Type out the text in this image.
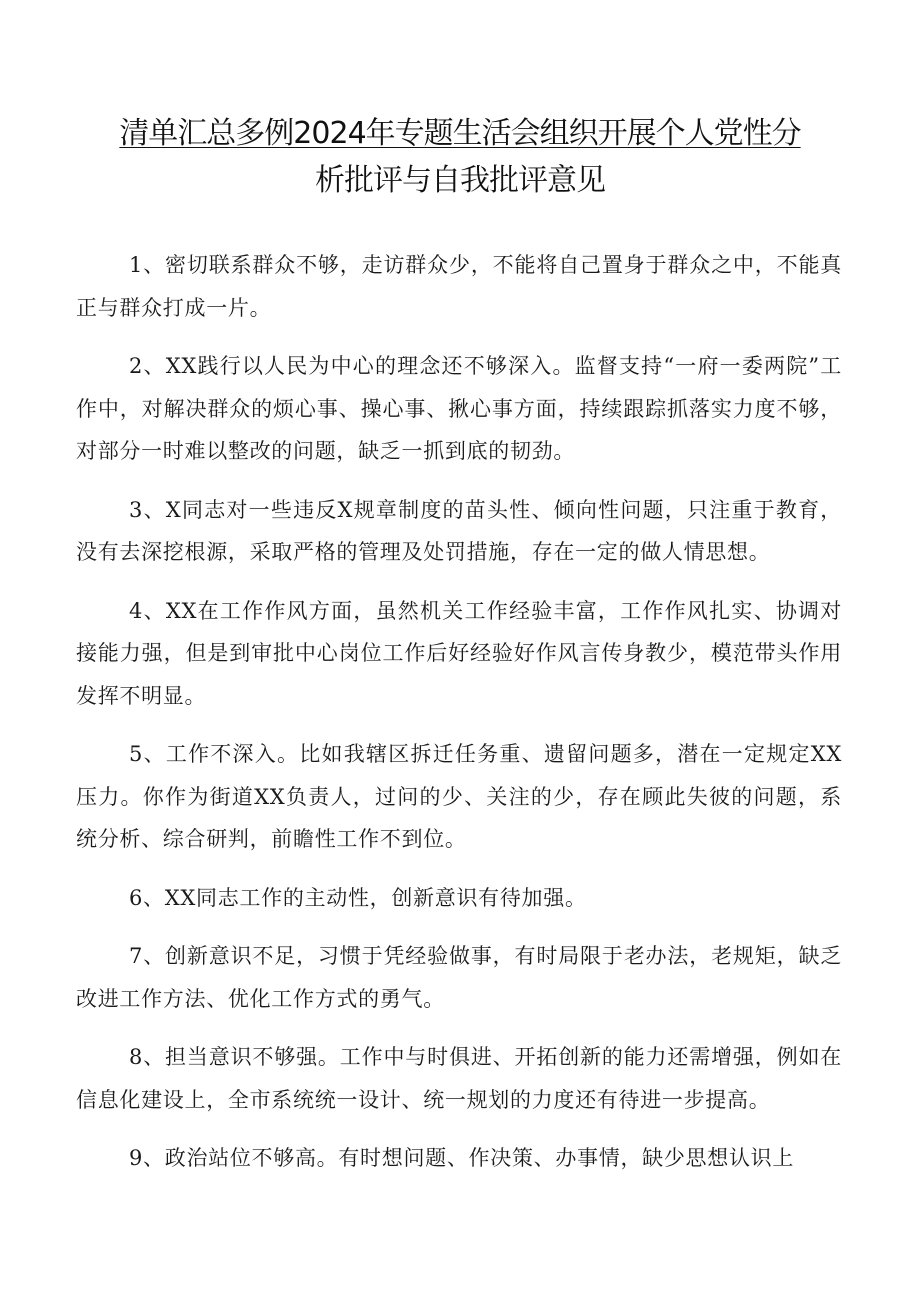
清单汇总多例2024年专题生活会组织开展个人党性分
析批评与自我批评意见

1、密切联系群众不够，走访群众少，不能将自己置身于群众之中，不能真正与群众打成一片。

2、XX践行以人民为中心的理念还不够深入。监督支持“一府一委两院”工作中，对解决群众的烦心事、操心事、揪心事方面，持续跟踪抓落实力度不够，对部分一时难以整改的问题，缺乏一抓到底的韧劲。

3、X同志对一些违反X规章制度的苗头性、倾向性问题，只注重于教育，没有去深挖根源，采取严格的管理及处罚措施，存在一定的做人情思想。

4、XX在工作作风方面，虽然机关工作经验丰富，工作作风扎实、协调对接能力强，但是到审批中心岗位工作后好经验好作风言传身教少，模范带头作用发挥不明显。

5、工作不深入。比如我辖区拆迁任务重、遗留问题多，潜在一定规定XX压力。你作为街道XX负责人，过问的少、关注的少，存在顾此失彼的问题，系统分析、综合研判，前瞻性工作不到位。

6、XX同志工作的主动性，创新意识有待加强。

7、创新意识不足，习惯于凭经验做事，有时局限于老办法，老规矩，缺乏改进工作方法、优化工作方式的勇气。

8、担当意识不够强。工作中与时俱进、开拓创新的能力还需增强，例如在信息化建设上，全市系统统一设计、统一规划的力度还有待进一步提高。

9、政治站位不够高。有时想问题、作决策、办事情，缺少思想认识上
